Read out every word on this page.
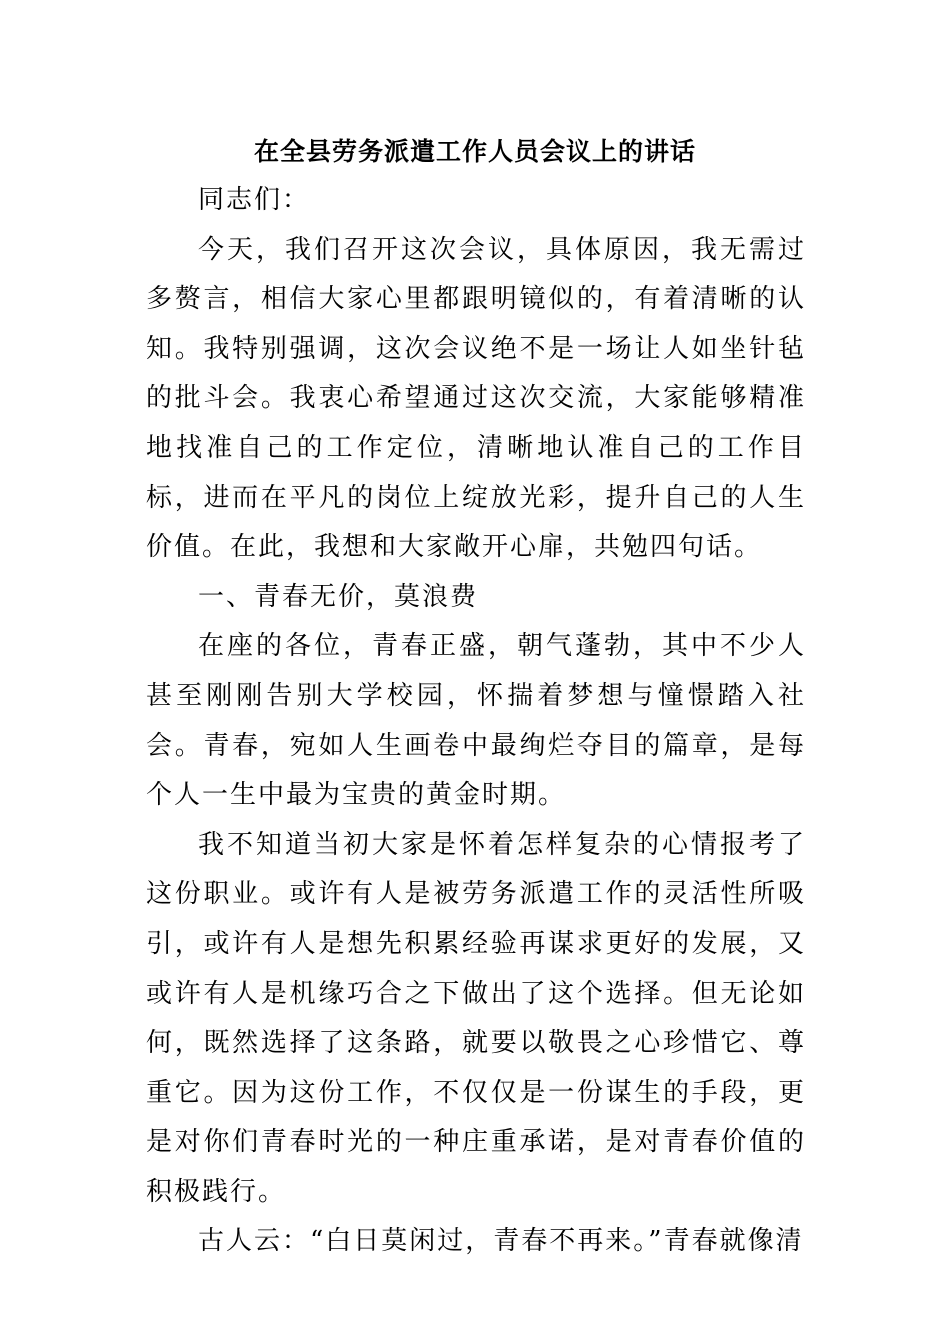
在全县劳务派遣工作人员会议上的讲话

同志们：

今天，我们召开这次会议，具体原因，我无需过多赘言，相信大家心里都跟明镜似的，有着清晰的认知。我特别强调，这次会议绝不是一场让人如坐针毡的批斗会。我衷心希望通过这次交流，大家能够精准地找准自己的工作定位，清晰地认准自己的工作目标，进而在平凡的岗位上绽放光彩，提升自己的人生价值。在此，我想和大家敞开心扉，共勉四句话。

一、青春无价，莫浪费

在座的各位，青春正盛，朝气蓬勃，其中不少人甚至刚刚告别大学校园，怀揣着梦想与憧憬踏入社会。青春，宛如人生画卷中最绚烂夺目的篇章，是每个人一生中最为宝贵的黄金时期。

我不知道当初大家是怀着怎样复杂的心情报考了这份职业。或许有人是被劳务派遣工作的灵活性所吸引，或许有人是想先积累经验再谋求更好的发展，又或许有人是机缘巧合之下做出了这个选择。但无论如何，既然选择了这条路，就要以敬畏之心珍惜它、尊重它。因为这份工作，不仅仅是一份谋生的手段，更是对你们青春时光的一种庄重承诺，是对青春价值的积极践行。

古人云：“白日莫闲过，青春不再来。”青春就像清
